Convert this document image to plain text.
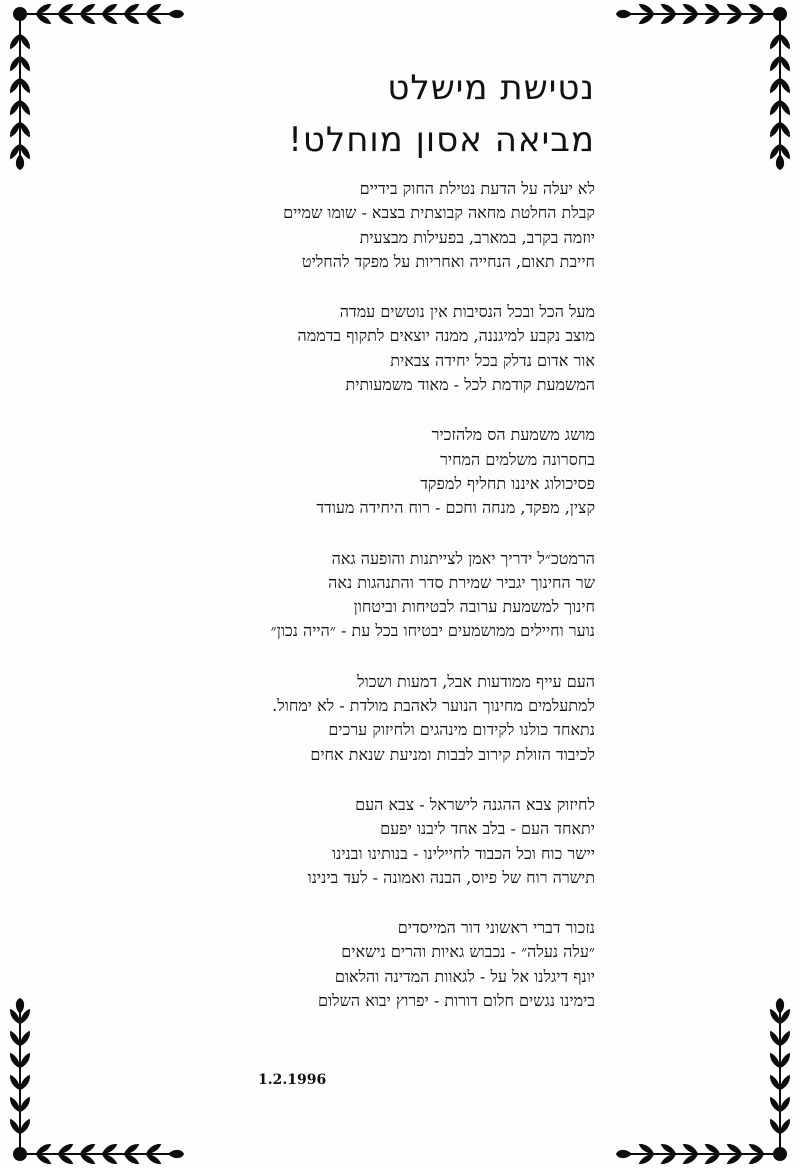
נטישת מישלט
מביאה אסון מוחלט!
לא יעלה על הדעת נטילת החוק בידיים
קבלת החלטת מחאה קבוצתית בצבא - שומו שמיים
יוזמה בקרב, במארב, בפעילות מבצעית
חייבת תאום, הנחייה ואחריות על מפקד להחליט
מעל הכל ובכל הנסיבות אין נוטשים עמדה
מוצב נקבע למיגננה, ממנה יוצאים לתקוף בדממה
אור אדום נדלק בכל יחידה צבאית
המשמעת קודמת לכל - מאוד משמעותית
מושג משמעת הס מלהזכיר
בחסרונה משלמים המחיר
פסיכולוג איננו תחליף למפקד
קצין, מפקד, מנחה וחכם - רוח היחידה מעודד
הרמטכ״ל ידריך יאמן לצייתנות והופעה גאה
שר החינוך יגביר שמירת סדר והתנהגות נאה
חינוך למשמעת ערובה לבטיחות וביטחון
נוער וחיילים ממושמעים יבטיחו בכל עת - ״הייה נכון״
העם עייף ממודעות אבל, דמעות ושכול
למתעלמים מחינוך הנוער לאהבת מולדת - לא ימחול.
נתאחד כולנו לקידום מינהגים ולחיזוק ערכים
לכיבוד הזולת קירוב לבבות ומניעת שנאת אחים
לחיזוק צבא ההגנה לישראל - צבא העם
יתאחד העם - בלב אחד ליבנו יפעם
יישר כוח וכל הכבוד לחיילינו - בנותינו ובנינו
תישרה רוח של פיוס, הבנה ואמונה - לעד בינינו
נזכור דברי ראשוני דור המייסדים
״עלה נעלה״ - נכבוש גאיות והרים נישאים
יונף דיגלנו אל על - לגאוות המדינה והלאום
בימינו נגשים חלום דורות - יפרוץ יבוא השלום
1.2.1996
